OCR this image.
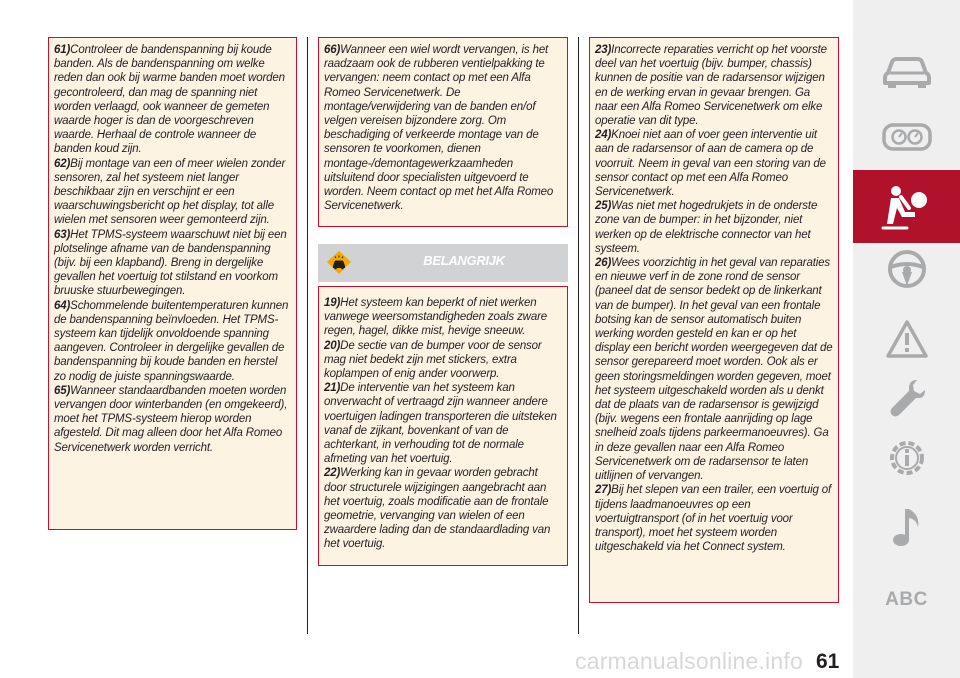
61)Controleer de bandenspanning bij koude banden. Als de bandenspanning om welke reden dan ook bij warme banden moet worden gecontroleerd, dan mag de spanning niet worden verlaagd, ook wanneer de gemeten waarde hoger is dan de voorgeschreven waarde. Herhaal de controle wanneer de banden koud zijn.

62)Bij montage van een of meer wielen zonder sensoren, zal het systeem niet langer beschikbaar zijn en verschijnt er een waarschuwingsbericht op het display, tot alle wielen met sensoren weer gemonteerd zijn.

63)Het TPMS-systeem waarschuwt niet bij een plotselinge afname van de bandenspanning (bijv. bij een klapband). Breng in dergelijke gevallen het voertuig tot stilstand en voorkom bruuske stuurbewegingen.

64)Schommelende buitentemperaturen kunnen de bandenspanning beïnvloeden. Het TPMS-systeem kan tijdelijk onvoldoende spanning aangeven. Controleer in dergelijke gevallen de bandenspanning bij koude banden en herstel zo nodig de juiste spanningswaarde.

65)Wanneer standaardbanden moeten worden vervangen door winterbanden (en omgekeerd), moet het TPMS-systeem hierop worden afgesteld. Dit mag alleen door het Alfa Romeo Servicenetwerk worden verricht.

66)Wanneer een wiel wordt vervangen, is het raadzaam ook de rubberen ventielpakking te vervangen: neem contact op met een Alfa Romeo Servicenetwerk. De montage/verwijdering van de banden en/of velgen vereisen bijzondere zorg. Om beschadiging of verkeerde montage van de sensoren te voorkomen, dienen montage-/demontagewerkzaamheden uitsluitend door specialisten uitgevoerd te worden. Neem contact op met het Alfa Romeo Servicenetwerk.

BELANGRIJK

19)Het systeem kan beperkt of niet werken vanwege weersomstandigheden zoals zware regen, hagel, dikke mist, hevige sneeuw.

20)De sectie van de bumper voor de sensor mag niet bedekt zijn met stickers, extra koplampen of enig ander voorwerp.

21)De interventie van het systeem kan onverwacht of vertraagd zijn wanneer andere voertuigen ladingen transporteren die uitsteken vanaf de zijkant, bovenkant of van de achterkant, in verhouding tot de normale afmeting van het voertuig.

22)Werking kan in gevaar worden gebracht door structurele wijzigingen aangebracht aan het voertuig, zoals modificatie aan de frontale geometrie, vervanging van wielen of een zwaardere lading dan de standaardlading van het voertuig.

23)Incorrecte reparaties verricht op het voorste deel van het voertuig (bijv. bumper, chassis) kunnen de positie van de radarsensor wijzigen en de werking ervan in gevaar brengen. Ga naar een Alfa Romeo Servicenetwerk om elke operatie van dit type.

24)Knoei niet aan of voer geen interventie uit aan de radarsensor of aan de camera op de voorruit. Neem in geval van een storing van de sensor contact op met een Alfa Romeo Servicenetwerk.

25)Was niet met hogedrukjets in de onderste zone van de bumper: in het bijzonder, niet werken op de elektrische connector van het systeem.

26)Wees voorzichtig in het geval van reparaties en nieuwe verf in de zone rond de sensor (paneel dat de sensor bedekt op de linkerkant van de bumper). In het geval van een frontale botsing kan de sensor automatisch buiten werking worden gesteld en kan er op het display een bericht worden weergegeven dat de sensor gerepareerd moet worden. Ook als er geen storingsmeldingen worden gegeven, moet het systeem uitgeschakeld worden als u denkt dat de plaats van de radarsensor is gewijzigd (bijv. wegens een frontale aanrijding op lage snelheid zoals tijdens parkeermanoeuvres). Ga in deze gevallen naar een Alfa Romeo Servicenetwerk om de radarsensor te laten uitlijnen of vervangen.

27)Bij het slepen van een trailer, een voertuig of tijdens laadmanoeuvres op een voertuigtransport (of in het voertuig voor transport), moet het systeem worden uitgeschakeld via het Connect system.

ABC
carmanualsonline.info 61
